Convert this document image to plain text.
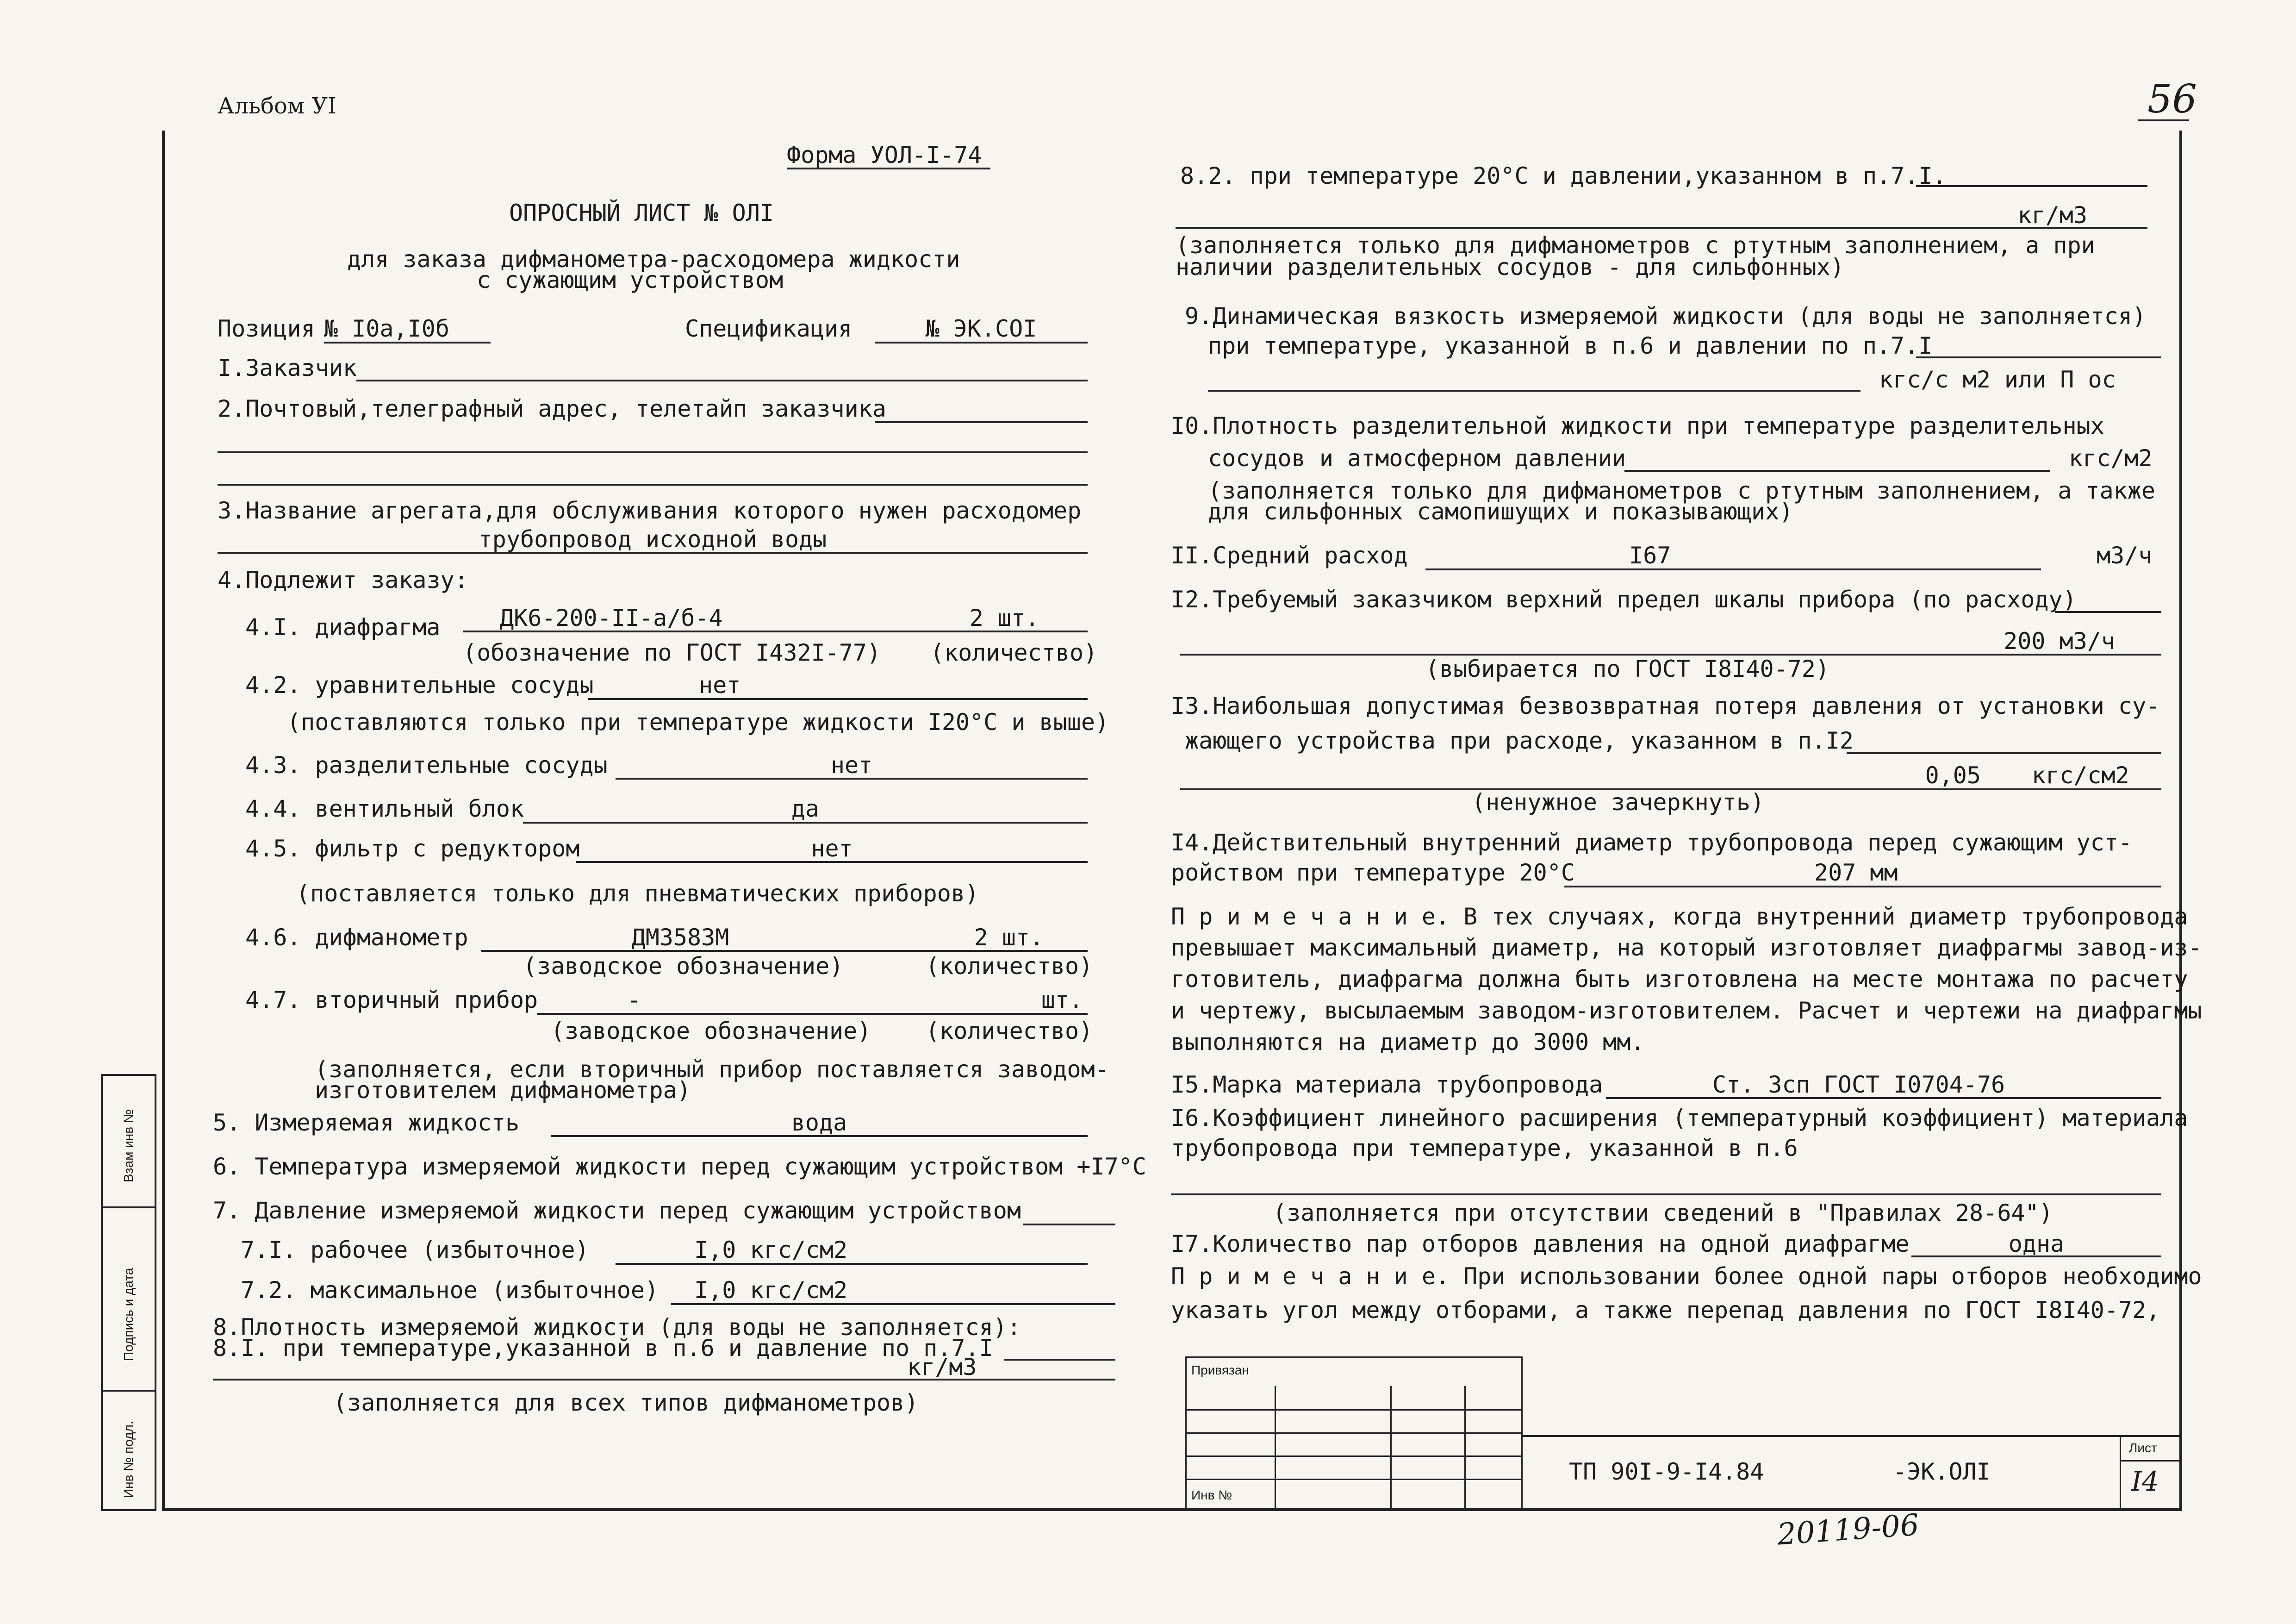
Альбом УI	56
Взам инв №
Подпись и дата
Инв № подл.
Форма УОЛ-I-74
ОПРОСНЫЙ ЛИСТ № ОЛI
для заказа дифманометра-расходомера жидкости
с сужающим устройством
Позиция № I0а,I0б	Спецификация	№ ЭК.СОI
I.Заказчик
2.Почтовый,телеграфный адрес, телетайп заказчика
3.Название агрегата,для обслуживания которого нужен расходомер
трубопровод исходной воды
4.Подлежит заказу:
4.I. диафрагма	ДК6-200-II-а/б-4	2 шт.
(обозначение по ГОСТ I432I-77) (количество)
4.2. уравнительные сосуды	нет
(поставляются только при температуре жидкости I20°С и выше)
4.3. разделительные сосуды	нет
4.4. вентильный блок	да
4.5. фильтр с редуктором	нет
(поставляется только для пневматических приборов)
4.6. дифманометр	ДМ3583М	2 шт.
(заводское обозначение)	(количество)
4.7. вторичный прибор	-	шт.
(заводское обозначение) (количество)
(заполняется, если вторичный прибор поставляется заводом-
изготовителем дифманометра)
5. Измеряемая жидкость	вода
6. Температура измеряемой жидкости перед сужающим устройством +I7°С
7. Давление измеряемой жидкости перед сужающим устройством
7.I. рабочее (избыточное)	I,0 кгс/см2
7.2. максимальное (избыточное)	I,0 кгс/см2
8.Плотность измеряемой жидкости (для воды не заполняется):
8.I. при температуре,указанной в п.6 и давление по п.7.I
кг/м3
(заполняется для всех типов дифманометров)
8.2. при температуре 20°С и давлении,указанном в п.7.I.
кг/м3
(заполняется только для дифманометров с ртутным заполнением, а при
наличии разделительных сосудов - для сильфонных)
9.Динамическая вязкость измеряемой жидкости (для воды не заполняется)
при температуре, указанной в п.6 и давлении по п.7.I
кгс/с м2 или П ос
I0.Плотность разделительной жидкости при температуре разделительных
сосудов и атмосферном давлении	кгс/м2
(заполняется только для дифманометров с ртутным заполнением, а также
для сильфонных самопишущих и показывающих)
II.Средний расход	I67	м3/ч
I2.Требуемый заказчиком верхний предел шкалы прибора (по расходу)
200 м3/ч
(выбирается по ГОСТ I8I40-72)
I3.Наибольшая допустимая безвозвратная потеря давления от установки су-
жающего устройства при расходе, указанном в п.I2
0,05 кгс/см2
(ненужное зачеркнуть)
I4.Действительный внутренний диаметр трубопровода перед сужающим уст-
ройством при температуре 20°С	207 мм
П р и м е ч а н и е. В тех случаях, когда внутренний диаметр трубопровода
превышает максимальный диаметр, на который изготовляет диафрагмы завод-из-
готовитель, диафрагма должна быть изготовлена на месте монтажа по расчету
и чертежу, высылаемым заводом-изготовителем. Расчет и чертежи на диафрагмы
выполняются на диаметр до 3000 мм.
I5.Марка материала трубопровода	Ст. 3сп ГОСТ I0704-76
I6.Коэффициент линейного расширения (температурный коэффициент) материала
трубопровода при температуре, указанной в п.6
(заполняется при отсутствии сведений в "Правилах 28-64")
I7.Количество пар отборов давления на одной диафрагме	одна
П р и м е ч а н и е. При использовании более одной пары отборов необходимо
указать угол между отборами, а также перепад давления по ГОСТ I8I40-72,
Привязан
Инв №
ТП 90I-9-I4.84	-ЭК.ОЛI
Лист
I4
20119-06
